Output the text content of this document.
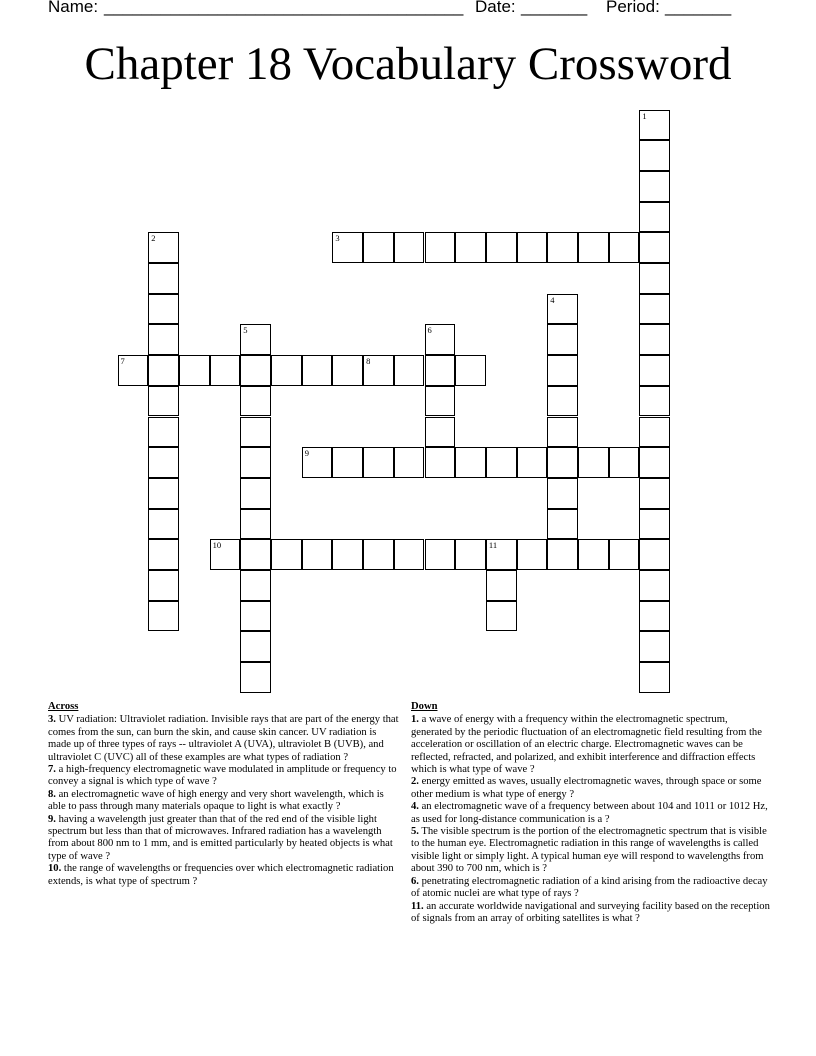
Name: ______________________________________ Date: _______ Period: _______
Chapter 18 Vocabulary Crossword
1
2	3
4
5	6
7	8
9
10	11
Across
3. UV radiation: Ultraviolet radiation. Invisible rays that are part of the energy that comes from the sun, can burn the skin, and cause skin cancer. UV radiation is made up of three types of rays -- ultraviolet A (UVA), ultraviolet B (UVB), and ultraviolet C (UVC) all of these examples are what types of radiation ?
7. a high-frequency electromagnetic wave modulated in amplitude or frequency to convey a signal is which type of wave ?
8. an electromagnetic wave of high energy and very short wavelength, which is able to pass through many materials opaque to light is what exactly ?
9. having a wavelength just greater than that of the red end of the visible light spectrum but less than that of microwaves. Infrared radiation has a wavelength from about 800 nm to 1 mm, and is emitted particularly by heated objects is what type of wave ?
10. the range of wavelengths or frequencies over which electromagnetic radiation extends, is what type of spectrum ?
Down
1. a wave of energy with a frequency within the electromagnetic spectrum, generated by the periodic fluctuation of an electromagnetic field resulting from the acceleration or oscillation of an electric charge. Electromagnetic waves can be reflected, refracted, and polarized, and exhibit interference and diffraction effects which is what type of wave ?
2. energy emitted as waves, usually electromagnetic waves, through space or some other medium is what type of energy ?
4. an electromagnetic wave of a frequency between about 104 and 1011 or 1012 Hz, as used for long-distance communication is a ?
5. The visible spectrum is the portion of the electromagnetic spectrum that is visible to the human eye. Electromagnetic radiation in this range of wavelengths is called visible light or simply light. A typical human eye will respond to wavelengths from about 390 to 700 nm, which is ?
6. penetrating electromagnetic radiation of a kind arising from the radioactive decay of atomic nuclei are what type of rays ?
11. an accurate worldwide navigational and surveying facility based on the reception of signals from an array of orbiting satellites is what ?
